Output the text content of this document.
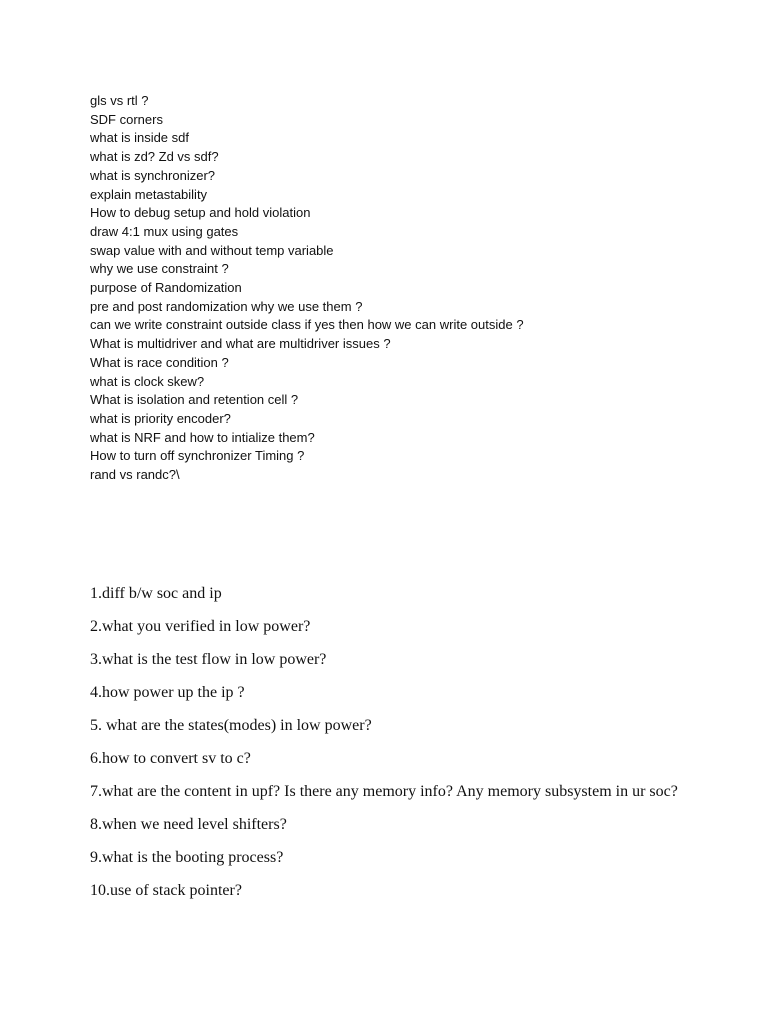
gls vs rtl ?
SDF corners
what is inside sdf
what is zd? Zd vs sdf?
what is synchronizer?
explain metastability
How to debug setup and hold violation
draw 4:1 mux using gates
swap value with and without temp variable
why we use constraint ?
purpose of Randomization
pre and post randomization why we use them ?
can we write constraint outside class if yes then how we can write outside ?
What is multidriver and what are multidriver issues ?
What is race condition ?
what is clock skew?
What is isolation and retention cell ?
what is priority encoder?
what is NRF and how to intialize them?
How to turn off synchronizer Timing ?
rand vs randc?\
1.diff b/w soc and ip
2.what you verified in low power?
3.what is the test flow in low power?
4.how power up the ip ?
5. what are the states(modes) in low power?
6.how to convert sv to c?
7.what are the content in upf? Is there any memory info? Any memory subsystem in ur soc?
8.when we need level shifters?
9.what is the booting process?
10.use of stack pointer?
